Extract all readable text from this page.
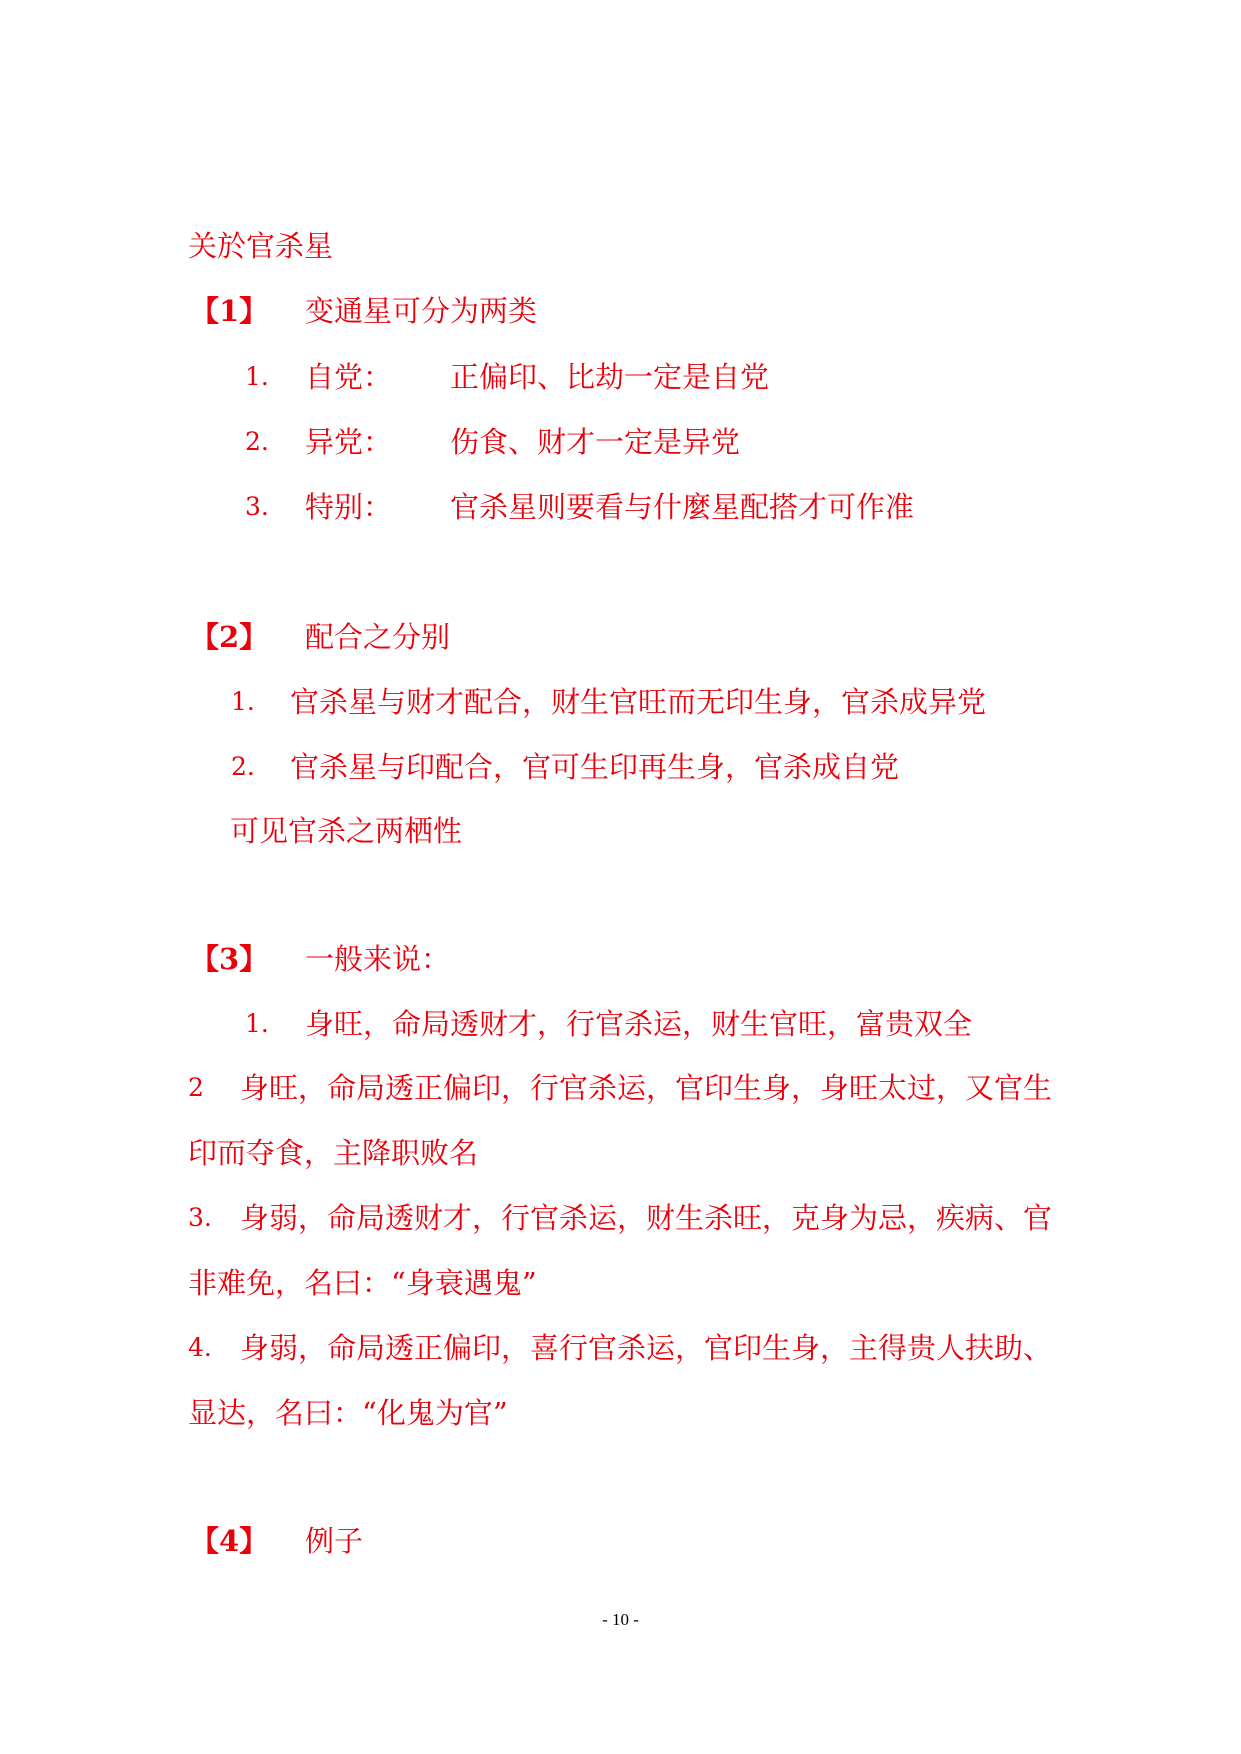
关於官杀星
【1】 变通星可分为两类
1. 自党： 正偏印、比劫一定是自党
2. 异党： 伤食、财才一定是异党
3. 特别： 官杀星则要看与什麼星配搭才可作准
【2】 配合之分别
1. 官杀星与财才配合，财生官旺而无印生身，官杀成异党
2. 官杀星与印配合，官可生印再生身，官杀成自党
可见官杀之两栖性
【3】 一般来说：
1. 身旺，命局透财才，行官杀运，财生官旺，富贵双全
2 身旺，命局透正偏印，行官杀运，官印生身，身旺太过，又官生
印而夺食，主降职败名
3. 身弱，命局透财才，行官杀运，财生杀旺，克身为忌，疾病、官
非难免，名曰：“身衰遇鬼”
4. 身弱，命局透正偏印，喜行官杀运，官印生身，主得贵人扶助、
显达，名曰：“化鬼为官”
【4】 例子
- 10 -
